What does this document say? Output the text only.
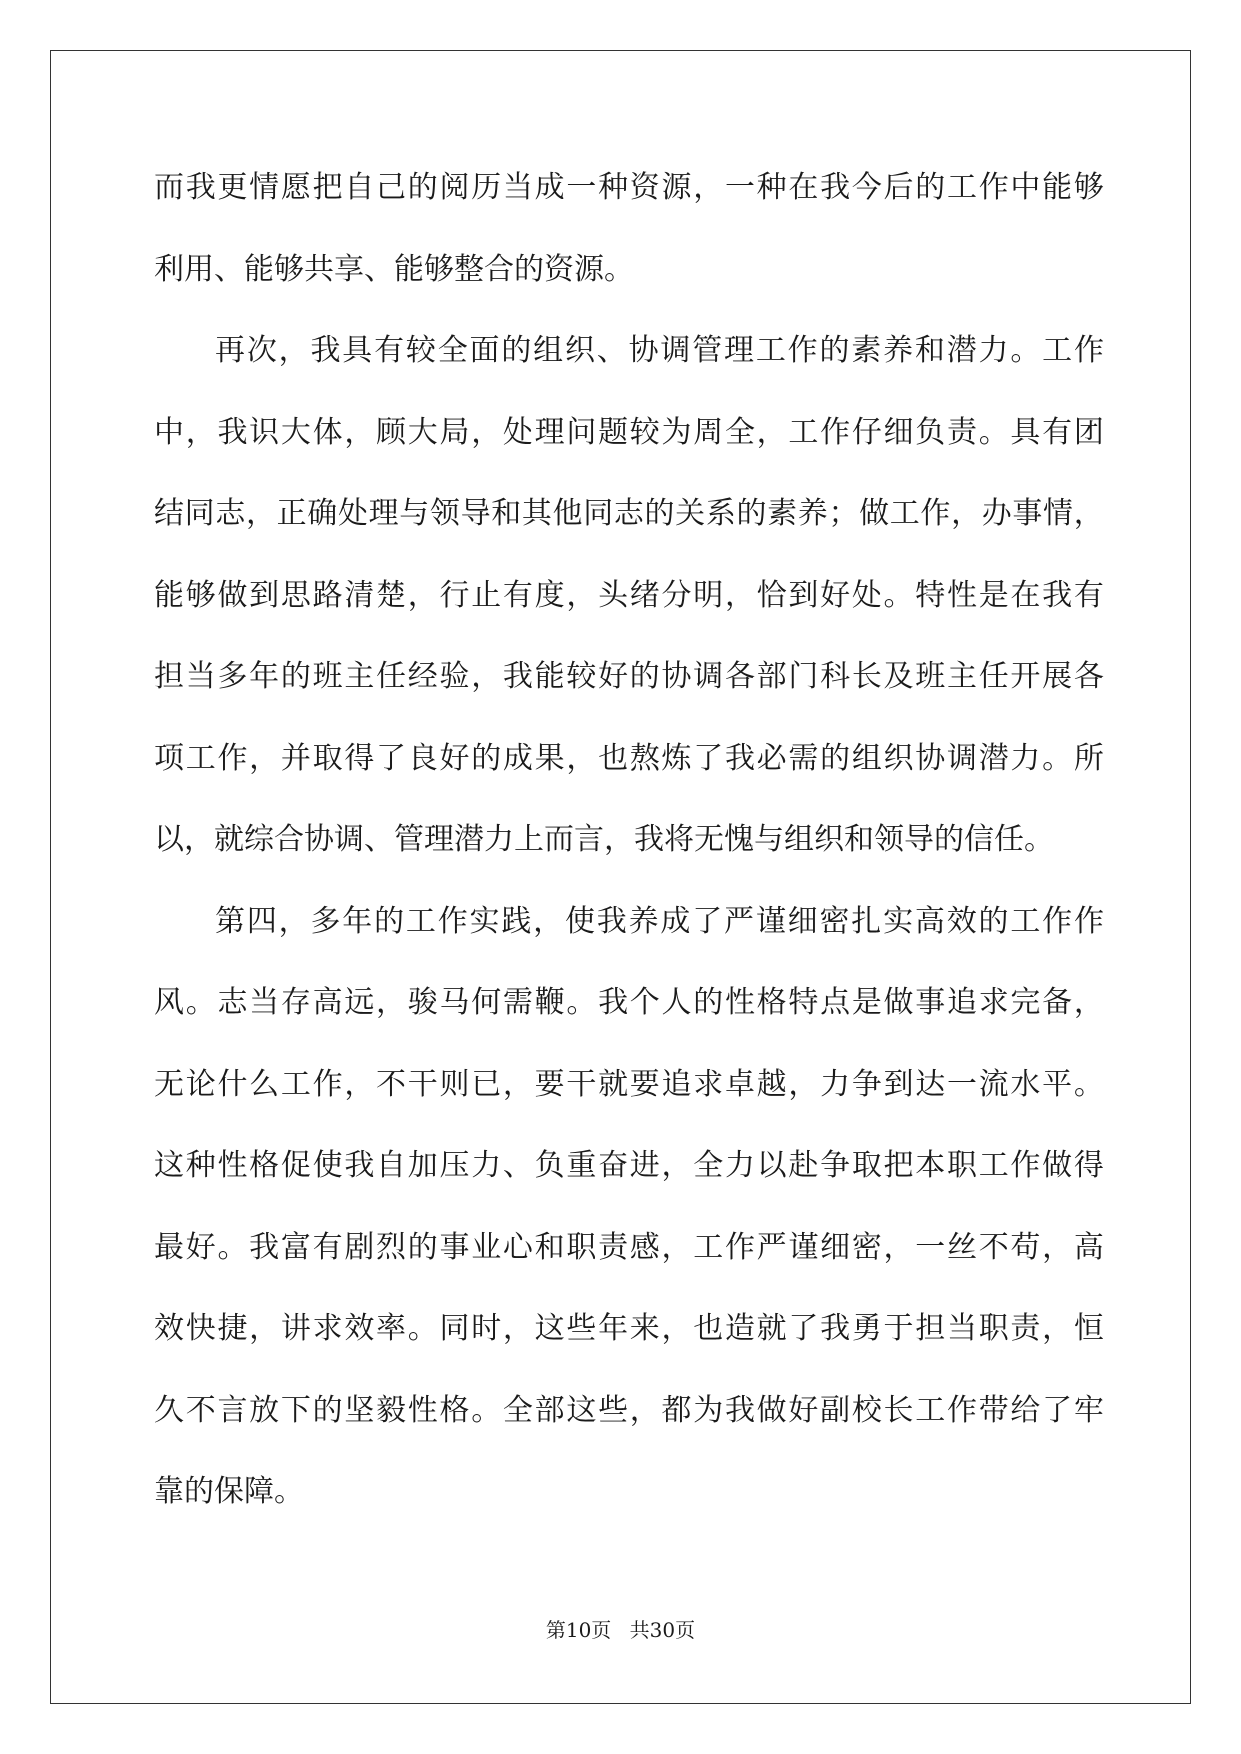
而 我 更 情 愿 把 自 己 的 阅 历 当 成 一 种 资 源 ， 一 种 在 我 今 后 的 工 作 中 能 够
利用、能够共享、能够整合的资源。
再 次 ， 我 具 有 较 全 面 的 组 织 、 协 调 管 理 工 作 的 素 养 和 潜 力 。 工 作
中 ， 我 识 大 体 ， 顾 大 局 ， 处 理 问 题 较 为 周 全 ， 工 作 仔 细 负 责 。 具 有 团
结 同 志 ， 正 确 处 理 与 领 导 和 其 他 同 志 的 关 系 的 素 养 ； 做 工 作 ， 办 事 情 ，
能 够 做 到 思 路 清 楚 ， 行 止 有 度 ， 头 绪 分 明 ， 恰 到 好 处 。 特 性 是 在 我 有
担 当 多 年 的 班 主 任 经 验 ， 我 能 较 好 的 协 调 各 部 门 科 长 及 班 主 任 开 展 各
项 工 作 ， 并 取 得 了 良 好 的 成 果 ， 也 熬 炼 了 我 必 需 的 组 织 协 调 潜 力 。 所
以，就综合协调、管理潜力上而言，我将无愧与组织和领导的信任。
第 四 ， 多 年 的 工 作 实 践 ， 使 我 养 成 了 严 谨 细 密 扎 实 高 效 的 工 作 作
风 。 志 当 存 高 远 ， 骏 马 何 需 鞭 。 我 个 人 的 性 格 特 点 是 做 事 追 求 完 备 ，
无 论 什 么 工 作 ， 不 干 则 已 ， 要 干 就 要 追 求 卓 越 ， 力 争 到 达 一 流 水 平 。
这 种 性 格 促 使 我 自 加 压 力 、 负 重 奋 进 ， 全 力 以 赴 争 取 把 本 职 工 作 做 得
最 好 。 我 富 有 剧 烈 的 事 业 心 和 职 责 感 ， 工 作 严 谨 细 密 ， 一 丝 不 苟 ， 高
效 快 捷 ， 讲 求 效 率 。 同 时 ， 这 些 年 来 ， 也 造 就 了 我 勇 于 担 当 职 责 ， 恒
久 不 言 放 下 的 坚 毅 性 格 。 全 部 这 些 ， 都 为 我 做 好 副 校 长 工 作 带 给 了 牢
靠的保障。
第10页 共30页
